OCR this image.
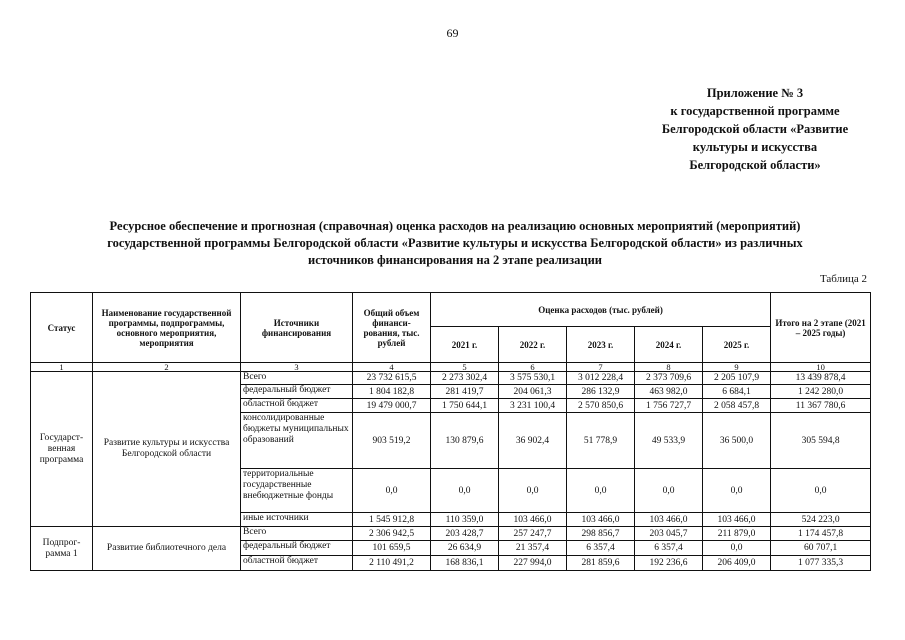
69
Приложение № 3
к государственной программе
Белгородской области «Развитие
культуры и искусства
Белгородской области»
Ресурсное обеспечение и прогнозная (справочная) оценка расходов на реализацию основных мероприятий (мероприятий)
государственной программы Белгородской области «Развитие культуры и искусства Белгородской области» из различных
источников финансирования на 2 этапе реализации
Таблица 2
Статус	Наименование государственной программы, подпрограммы, основного мероприятия, мероприятия	Источники финансирования	Общий объем финанси-рования, тыс. рублей	Оценка расходов (тыс. рублей)					Итого на 2 этапе (2021 – 2025 годы)
				2021 г.	2022 г.	2023 г.	2024 г.	2025 г.	
1	2	3	4	5	6	7	8	9	10
Государст-венная программа	Развитие культуры и искусства Белгородской области	Всего	23 732 615,5	2 273 302,4	3 575 530,1	3 012 228,4	2 373 709,6	2 205 107,9	13 439 878,4
		федеральный бюджет	1 804 182,8	281 419,7	204 061,3	286 132,9	463 982,0	6 684,1	1 242 280,0
		областной бюджет	19 479 000,7	1 750 644,1	3 231 100,4	2 570 850,6	1 756 727,7	2 058 457,8	11 367 780,6
		консолидированные бюджеты муниципальных образований	903 519,2	130 879,6	36 902,4	51 778,9	49 533,9	36 500,0	305 594,8
		территориальные государственные внебюджетные фонды	0,0	0,0	0,0	0,0	0,0	0,0	0,0
		иные источники	1 545 912,8	110 359,0	103 466,0	103 466,0	103 466,0	103 466,0	524 223,0
Подпрог-рамма 1	Развитие библиотечного дела	Всего	2 306 942,5	203 428,7	257 247,7	298 856,7	203 045,7	211 879,0	1 174 457,8
		федеральный бюджет	101 659,5	26 634,9	21 357,4	6 357,4	6 357,4	0,0	60 707,1
		областной бюджет	2 110 491,2	168 836,1	227 994,0	281 859,6	192 236,6	206 409,0	1 077 335,3
